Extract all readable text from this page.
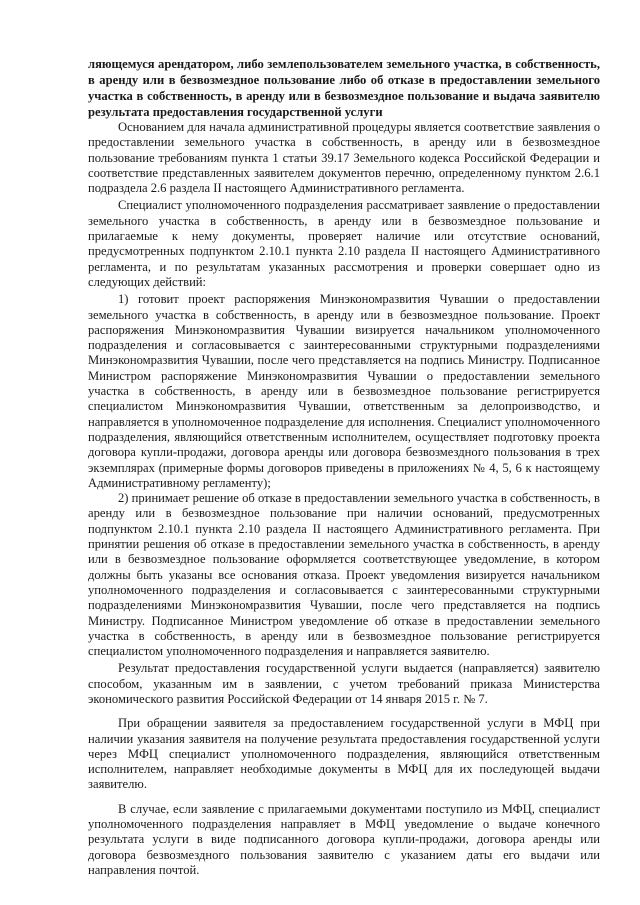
ляющемуся арендатором, либо землепользователем земельного участка, в собственность, в аренду или в безвозмездное пользование либо об отказе в предоставлении земельного участка в собственность, в аренду или в безвозмездное пользование и выдача заявителю результата предоставления государственной услуги

Основанием для начала административной процедуры является соответствие заявления о предоставлении земельного участка в собственность, в аренду или в безвозмездное пользование требованиям пункта 1 статьи 39.17 Земельного кодекса Российской Федерации и соответствие представленных заявителем документов перечню, определенному пунктом 2.6.1 подраздела 2.6 раздела II настоящего Административного регламента.

Специалист уполномоченного подразделения рассматривает заявление о предоставлении земельного участка в собственность, в аренду или в безвозмездное пользование и прилагаемые к нему документы, проверяет наличие или отсутствие оснований, предусмотренных подпунктом 2.10.1 пункта 2.10 раздела II настоящего Административного регламента, и по результатам указанных рассмотрения и проверки совершает одно из следующих действий:

1) готовит проект распоряжения Минэкономразвития Чувашии о предоставлении земельного участка в собственность, в аренду или в безвозмездное пользование. Проект распоряжения Минэкономразвития Чувашии визируется начальником уполномоченного подразделения и согласовывается с заинтересованными структурными подразделениями Минэкономразвития Чувашии, после чего представляется на подпись Министру. Подписанное Министром распоряжение Минэкономразвития Чувашии о предоставлении земельного участка в собственность, в аренду или в безвозмездное пользование регистрируется специалистом Минэкономразвития Чувашии, ответственным за делопроизводство, и направляется в уполномоченное подразделение для исполнения. Специалист уполномоченного подразделения, являющийся ответственным исполнителем, осуществляет подготовку проекта договора купли-продажи, договора аренды или договора безвозмездного пользования в трех экземплярах (примерные формы договоров приведены в приложениях № 4, 5, 6 к настоящему Административному регламенту);

2) принимает решение об отказе в предоставлении земельного участка в собственность, в аренду или в безвозмездное пользование при наличии оснований, предусмотренных подпунктом 2.10.1 пункта 2.10 раздела II настоящего Административного регламента. При принятии решения об отказе в предоставлении земельного участка в собственность, в аренду или в безвозмездное пользование оформляется соответствующее уведомление, в котором должны быть указаны все основания отказа. Проект уведомления визируется начальником уполномоченного подразделения и согласовывается с заинтересованными структурными подразделениями Минэкономразвития Чувашии, после чего представляется на подпись Министру. Подписанное Министром уведомление об отказе в предоставлении земельного участка в собственность, в аренду или в безвозмездное пользование регистрируется специалистом уполномоченного подразделения и направляется заявителю.

Результат предоставления государственной услуги выдается (направляется) заявителю способом, указанным им в заявлении, с учетом требований приказа Министерства экономического развития Российской Федерации от 14 января 2015 г. № 7.

При обращении заявителя за предоставлением государственной услуги в МФЦ при наличии указания заявителя на получение результата предоставления государственной услуги через МФЦ специалист уполномоченного подразделения, являющийся ответственным исполнителем, направляет необходимые документы в МФЦ для их последующей выдачи заявителю.

В случае, если заявление с прилагаемыми документами поступило из МФЦ, специалист уполномоченного подразделения направляет в МФЦ уведомление о выдаче конечного результата услуги в виде подписанного договора купли-продажи, договора аренды или договора безвозмездного пользования заявителю с указанием даты его выдачи или направления почтой.
